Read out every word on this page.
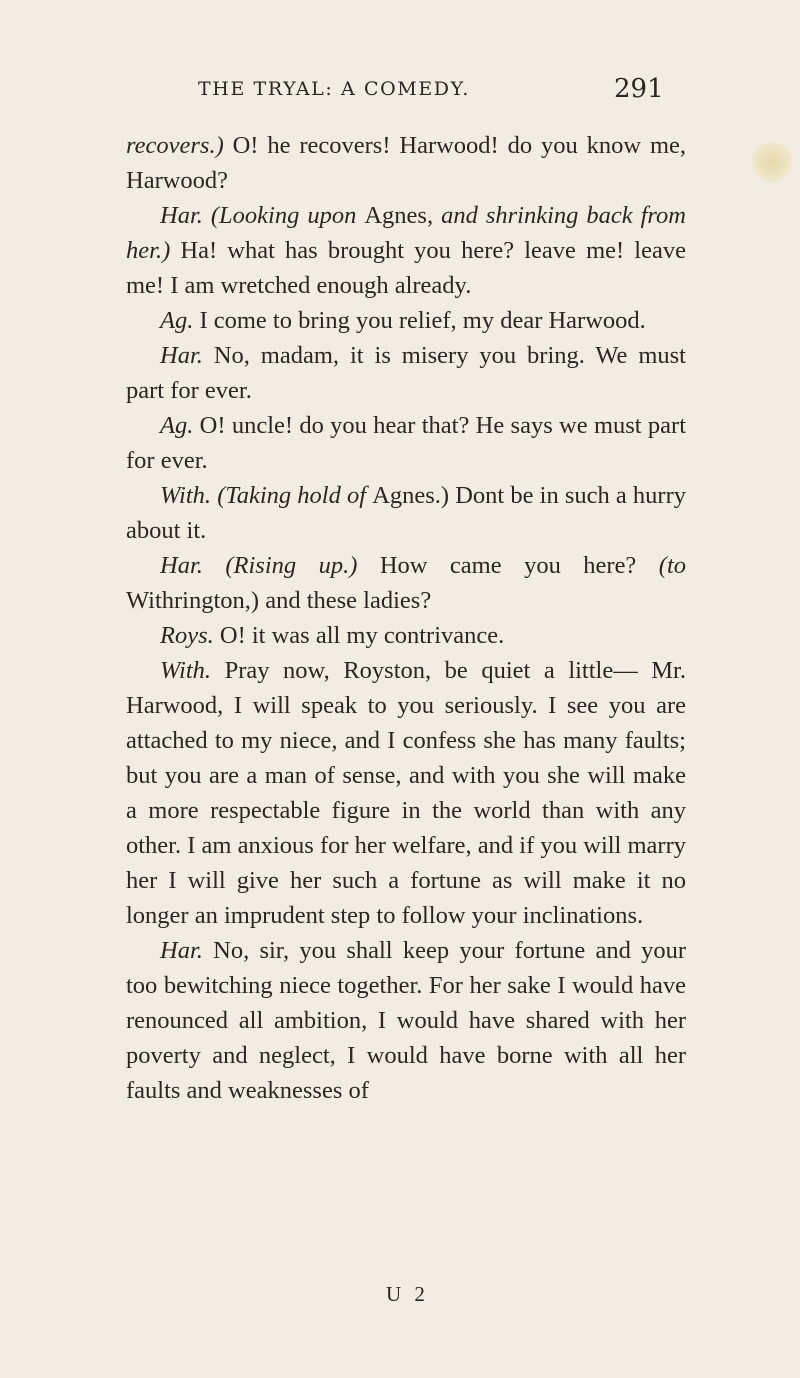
THE TRYAL: A COMEDY.	291

recovers.) O! he recovers! Harwood! do you know me, Harwood?

Har. (Looking upon Agnes, and shrinking back from her.) Ha! what has brought you here? leave me! leave me! I am wretched enough already.

Ag. I come to bring you relief, my dear Harwood.

Har. No, madam, it is misery you bring. We must part for ever.

Ag. O! uncle! do you hear that? He says we must part for ever.

With. (Taking hold of Agnes.) Dont be in such a hurry about it.

Har. (Rising up.) How came you here? (to Withrington,) and these ladies?

Roys. O! it was all my contrivance.

With. Pray now, Royston, be quiet a little— Mr. Harwood, I will speak to you seriously. I see you are attached to my niece, and I confess she has many faults; but you are a man of sense, and with you she will make a more respectable figure in the world than with any other. I am anxious for her welfare, and if you will marry her I will give her such a fortune as will make it no longer an imprudent step to follow your inclinations.

Har. No, sir, you shall keep your fortune and your too bewitching niece together. For her sake I would have renounced all ambition, I would have shared with her poverty and neglect, I would have borne with all her faults and weaknesses of

U 2
